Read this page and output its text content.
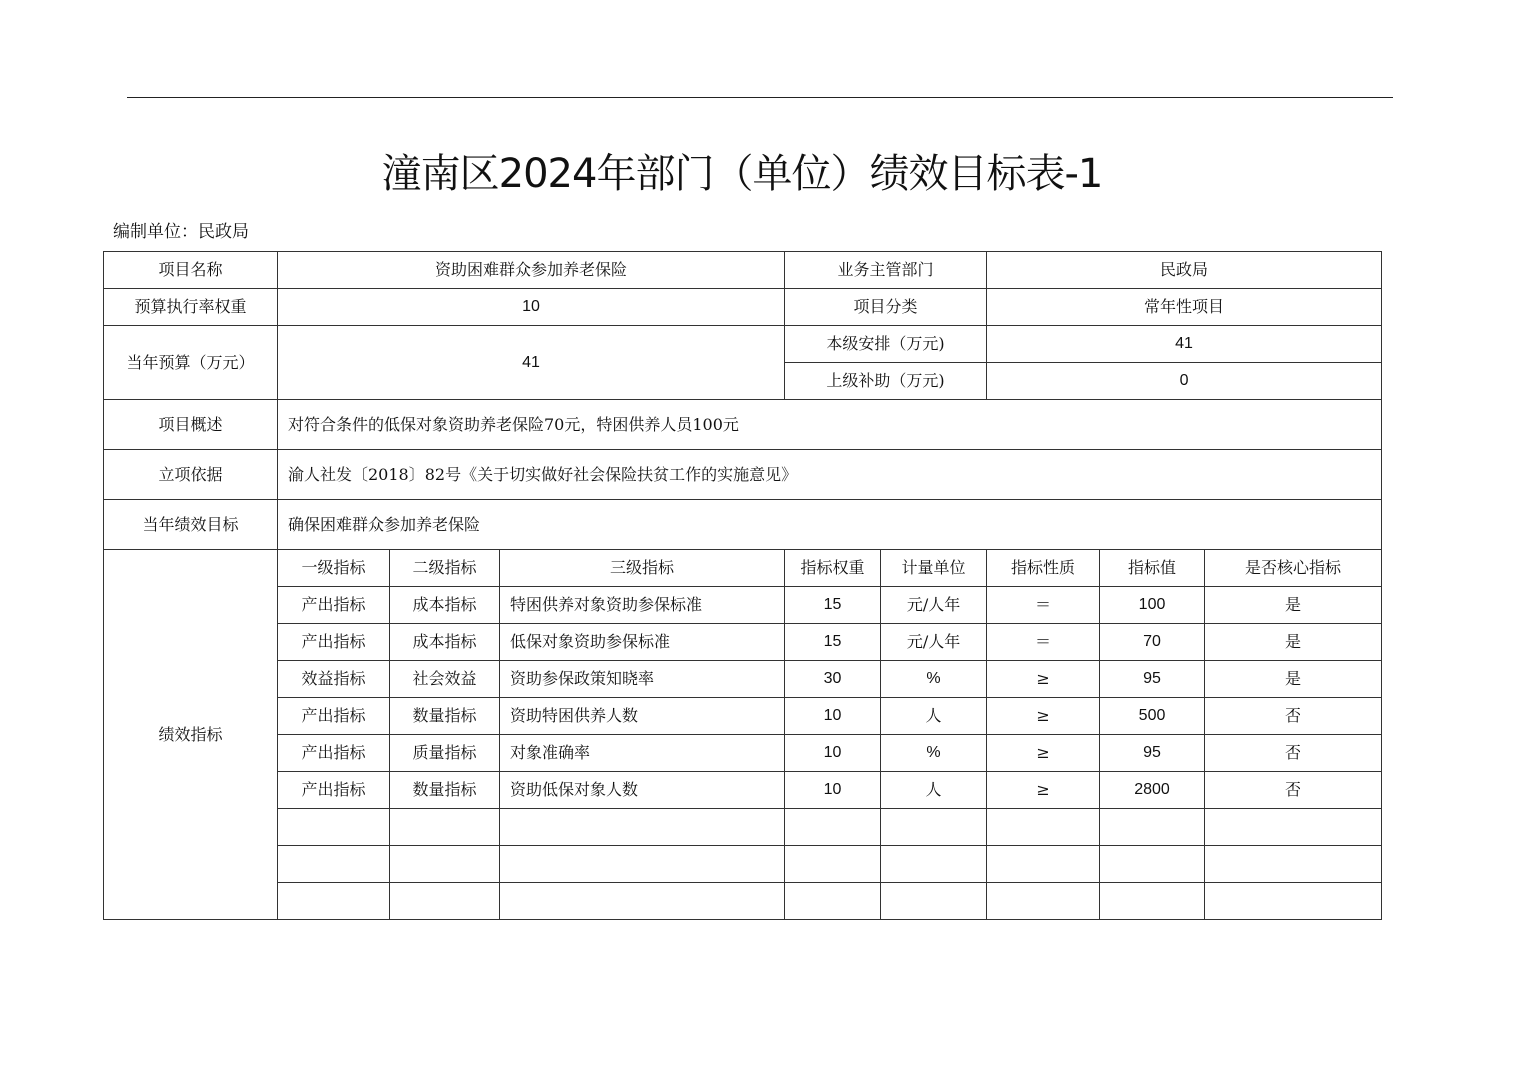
潼南区2024年部门（单位）绩效目标表-1
编制单位：民政局
项目名称	资助困难群众参加养老保险			业务主管部门		民政局		
预算执行率权重	10			项目分类		常年性项目		
当年预算（万元）	41			本级安排（万元)		41		
				上级补助（万元)		0		
项目概述	对符合条件的低保对象资助养老保险70元，特困供养人员100元							
立项依据	渝人社发〔2018〕82号《关于切实做好社会保险扶贫工作的实施意见》							
当年绩效目标	确保困难群众参加养老保险							
绩效指标	一级指标	二级指标	三级指标	指标权重	计量单位	指标性质	指标值	是否核心指标
	产出指标	成本指标	特困供养对象资助参保标准	15	元/人年	＝	100	是
	产出指标	成本指标	低保对象资助参保标准	15	元/人年	＝	70	是
	效益指标	社会效益	资助参保政策知晓率	30	%	≥	95	是
	产出指标	数量指标	资助特困供养人数	10	人	≥	500	否
	产出指标	质量指标	对象准确率	10	%	≥	95	否
	产出指标	数量指标	资助低保对象人数	10	人	≥	2800	否
